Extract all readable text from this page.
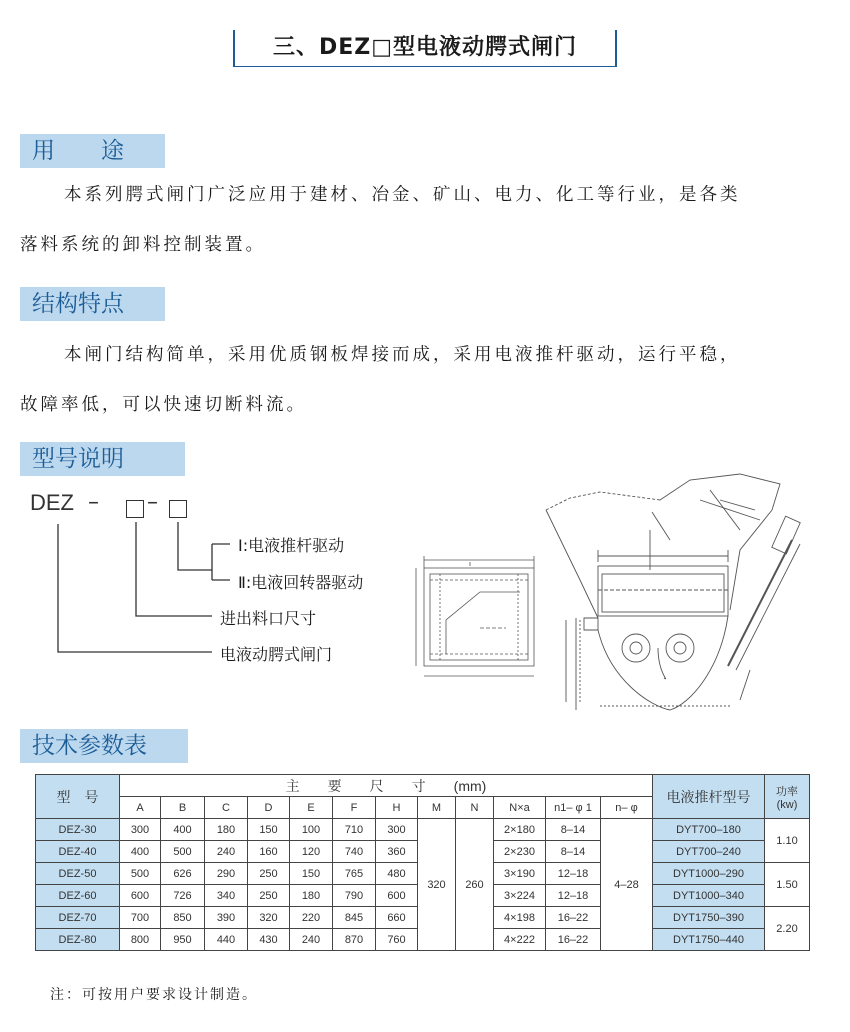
三、DEZ□型电液动腭式闸门
用　　途
本系列腭式闸门广泛应用于建材、冶金、矿山、电力、化工等行业，是各类
落料系统的卸料控制装置。
结构特点
本闸门结构简单，采用优质钢板焊接而成，采用电液推杆驱动，运行平稳，
故障率低，可以快速切断料流。
型号说明
DEZ – –
Ⅰ:电液推杆驱动
Ⅱ:电液回转器驱动
进出料口尺寸
电液动腭式闸门
技术参数表
型　号	主　　要　　尺　　寸　　(mm)												电液推杆型号	功率
(kw)

	A	B	C	D	E	F	H	M	N	N×a	n1– φ 1	n– φ		
DEZ-30	300	400	180	150	100	710	300	320	260	2×180	8–14	4–28	DYT700–180	1.10
DEZ-40	400	500	240	160	120	740	360			2×230	8–14		DYT700–240	
DEZ-50	500	626	290	250	150	765	480			3×190	12–18		DYT1000–290	1.50
DEZ-60	600	726	340	250	180	790	600			3×224	12–18		DYT1000–340	
DEZ-70	700	850	390	320	220	845	660			4×198	16–22		DYT1750–390	2.20
DEZ-80	800	950	440	430	240	870	760			4×222	16–22		DYT1750–440	
注：可按用户要求设计制造。
